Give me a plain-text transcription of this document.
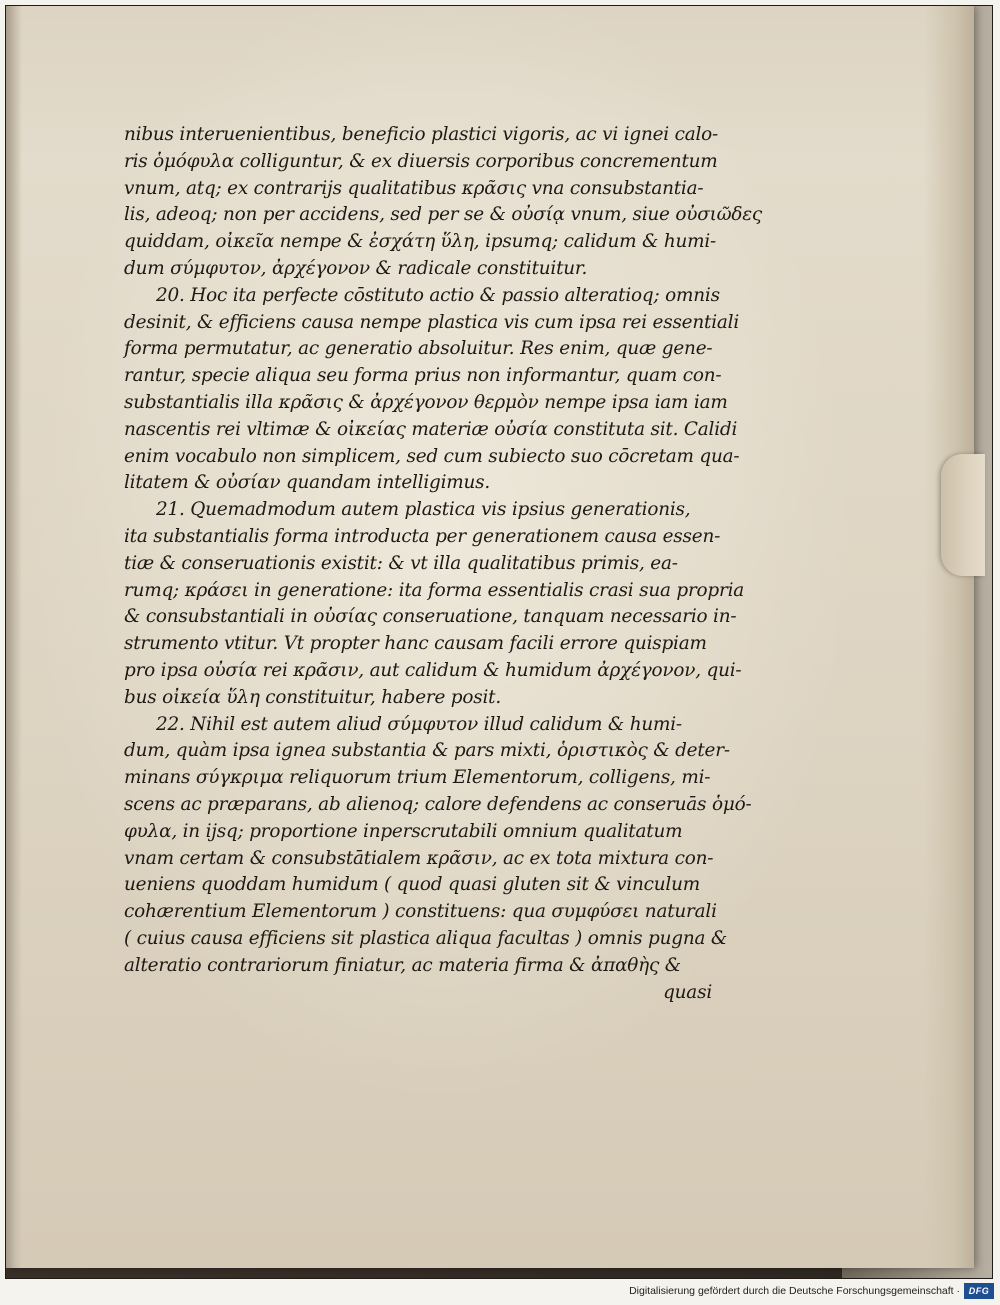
nibus interuenientibus, beneficio plastici vigoris, ac vi ignei calo-
ris ὁμόφυλα colliguntur, & ex diuersis corporibus concrementum
vnum, atq; ex contrarijs qualitatibus κρᾶσις vna consubstantia-
lis, adeoq; non per accidens, sed per se & οὐσίᾳ vnum, siue οὐσιῶδες
quiddam, οἰκεῖα nempe & ἐσχάτη ὕλη, ipsumq; calidum & humi-
dum σύμφυτον, ἀρχέγονον & radicale constituitur.
20. Hoc ita perfecte cōstituto actio & passio alteratioq; omnis
desinit, & efficiens causa nempe plastica vis cum ipsa rei essentiali
forma permutatur, ac generatio absoluitur. Res enim, quæ gene-
rantur, specie aliqua seu forma prius non informantur, quam con-
substantialis illa κρᾶσις & ἀρχέγονον θερμὸν nempe ipsa iam iam
nascentis rei vltimæ & οἰκείας materiæ οὐσία constituta sit. Calidi
enim vocabulo non simplicem, sed cum subiecto suo cōcretam qua-
litatem & οὐσίαν quandam intelligimus.
21. Quemadmodum autem plastica vis ipsius generationis,
ita substantialis forma introducta per generationem causa essen-
tiæ & conseruationis existit: & vt illa qualitatibus primis, ea-
rumq; κράσει in generatione: ita forma essentialis crasi sua propria
& consubstantiali in οὐσίας conseruatione, tanquam necessario in-
strumento vtitur. Vt propter hanc causam facili errore quispiam
pro ipsa οὐσία rei κρᾶσιν, aut calidum & humidum ἀρχέγονον, qui-
bus οἰκεία ὕλη constituitur, habere posit.
22. Nihil est autem aliud σύμφυτον illud calidum & humi-
dum, quàm ipsa ignea substantia & pars mixti, ὁριστικὸς & deter-
minans σύγκριμα reliquorum trium Elementorum, colligens, mi-
scens ac præparans, ab alienoq; calore defendens ac conseruās ὁμό-
φυλα, in ijsq; proportione inperscrutabili omnium qualitatum
vnam certam & consubstātialem κρᾶσιν, ac ex tota mixtura con-
ueniens quoddam humidum ( quod quasi gluten sit & vinculum
cohærentium Elementorum ) constituens: qua συμφύσει naturali
( cuius causa efficiens sit plastica aliqua facultas ) omnis pugna &
alteratio contrariorum finiatur, ac materia firma & ἀπαθὴς &
quasi
Digitalisierung gefördert durch die Deutsche Forschungsgemeinschaft · DFG
